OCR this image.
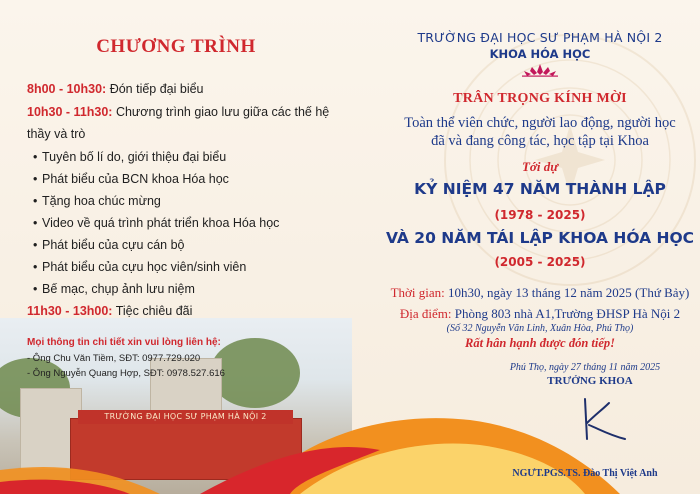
TRƯỜNG ĐẠI HỌC SƯ PHẠM HÀ NỘI 2
CHƯƠNG TRÌNH
8h00 - 10h30: Đón tiếp đại biểu
10h30 - 11h30: Chương trình giao lưu giữa các thế hệ
thầy và trò
• Tuyên bố lí do, giới thiệu đại biểu
• Phát biểu của BCN khoa Hóa học
• Tặng hoa chúc mừng
• Video về quá trình phát triển khoa Hóa học
• Phát biểu của cựu cán bộ
• Phát biểu của cựu học viên/sinh viên
• Bế mạc, chụp ảnh lưu niệm
11h30 - 13h00: Tiệc chiêu đãi
Mọi thông tin chi tiết xin vui lòng liên hệ:
- Ông Chu Văn Tiềm, SĐT: 0977.729.020
- Ông Nguyễn Quang Hợp, SĐT: 0978.527.616
TRƯỜNG ĐẠI HỌC SƯ PHẠM HÀ NỘI 2
KHOA HÓA HỌC
TRÂN TRỌNG KÍNH MỜI
Toàn thể viên chức, người lao động, người học
đã và đang công tác, học tập tại Khoa
Tới dự
KỶ NIỆM 47 NĂM THÀNH LẬP
(1978 - 2025)
VÀ 20 NĂM TÁI LẬP KHOA HÓA HỌC
(2005 - 2025)
Thời gian: 10h30, ngày 13 tháng 12 năm 2025 (Thứ Bảy)
Địa điểm: Phòng 803 nhà A1,Trường ĐHSP Hà Nội 2
(Số 32 Nguyễn Văn Linh, Xuân Hòa, Phú Thọ)
Rất hân hạnh được đón tiếp!
Phú Thọ, ngày 27 tháng 11 năm 2025
TRƯỞNG KHOA
NGƯT.PGS.TS. Đào Thị Việt Anh
